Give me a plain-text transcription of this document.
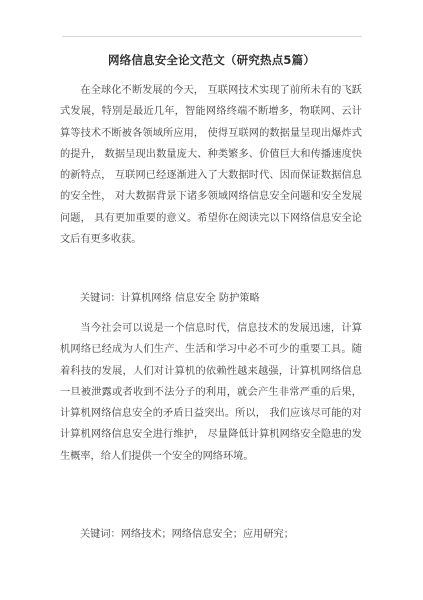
网络信息安全论文范文（研究热点5篇）

在全球化不断发展的今天， 互联网技术实现了前所未有的飞跃式发展，特别是最近几年，智能网络终端不断增多，物联网、云计算等技术不断被各领域所应用， 使得互联网的数据量呈现出爆炸式的提升， 数据呈现出数量庞大、种类繁多、价值巨大和传播速度快的新特点， 互联网已经逐渐进入了大数据时代、因而保证数据信息的安全性， 对大数据背景下诸多领域网络信息安全问题和安全发展问题， 具有更加重要的意义。希望你在阅读完以下网络信息安全论文后有更多收获。

关键词：计算机网络 信息安全 防护策略

当今社会可以说是一个信息时代，信息技术的发展迅速，计算机网络已经成为人们生产、生活和学习中必不可少的重要工具。随着科技的发展，人们对计算机的依赖性越来越强，计算机网络信息一旦被泄露或者收到不法分子的利用，就会产生非常严重的后果，计算机网络信息安全的矛盾日益突出。所以， 我们应该尽可能的对计算机网络信息安全进行维护， 尽量降低计算机网络安全隐患的发生概率，给人们提供一个安全的网络环境。

关键词：网络技术；网络信息安全；应用研究；
